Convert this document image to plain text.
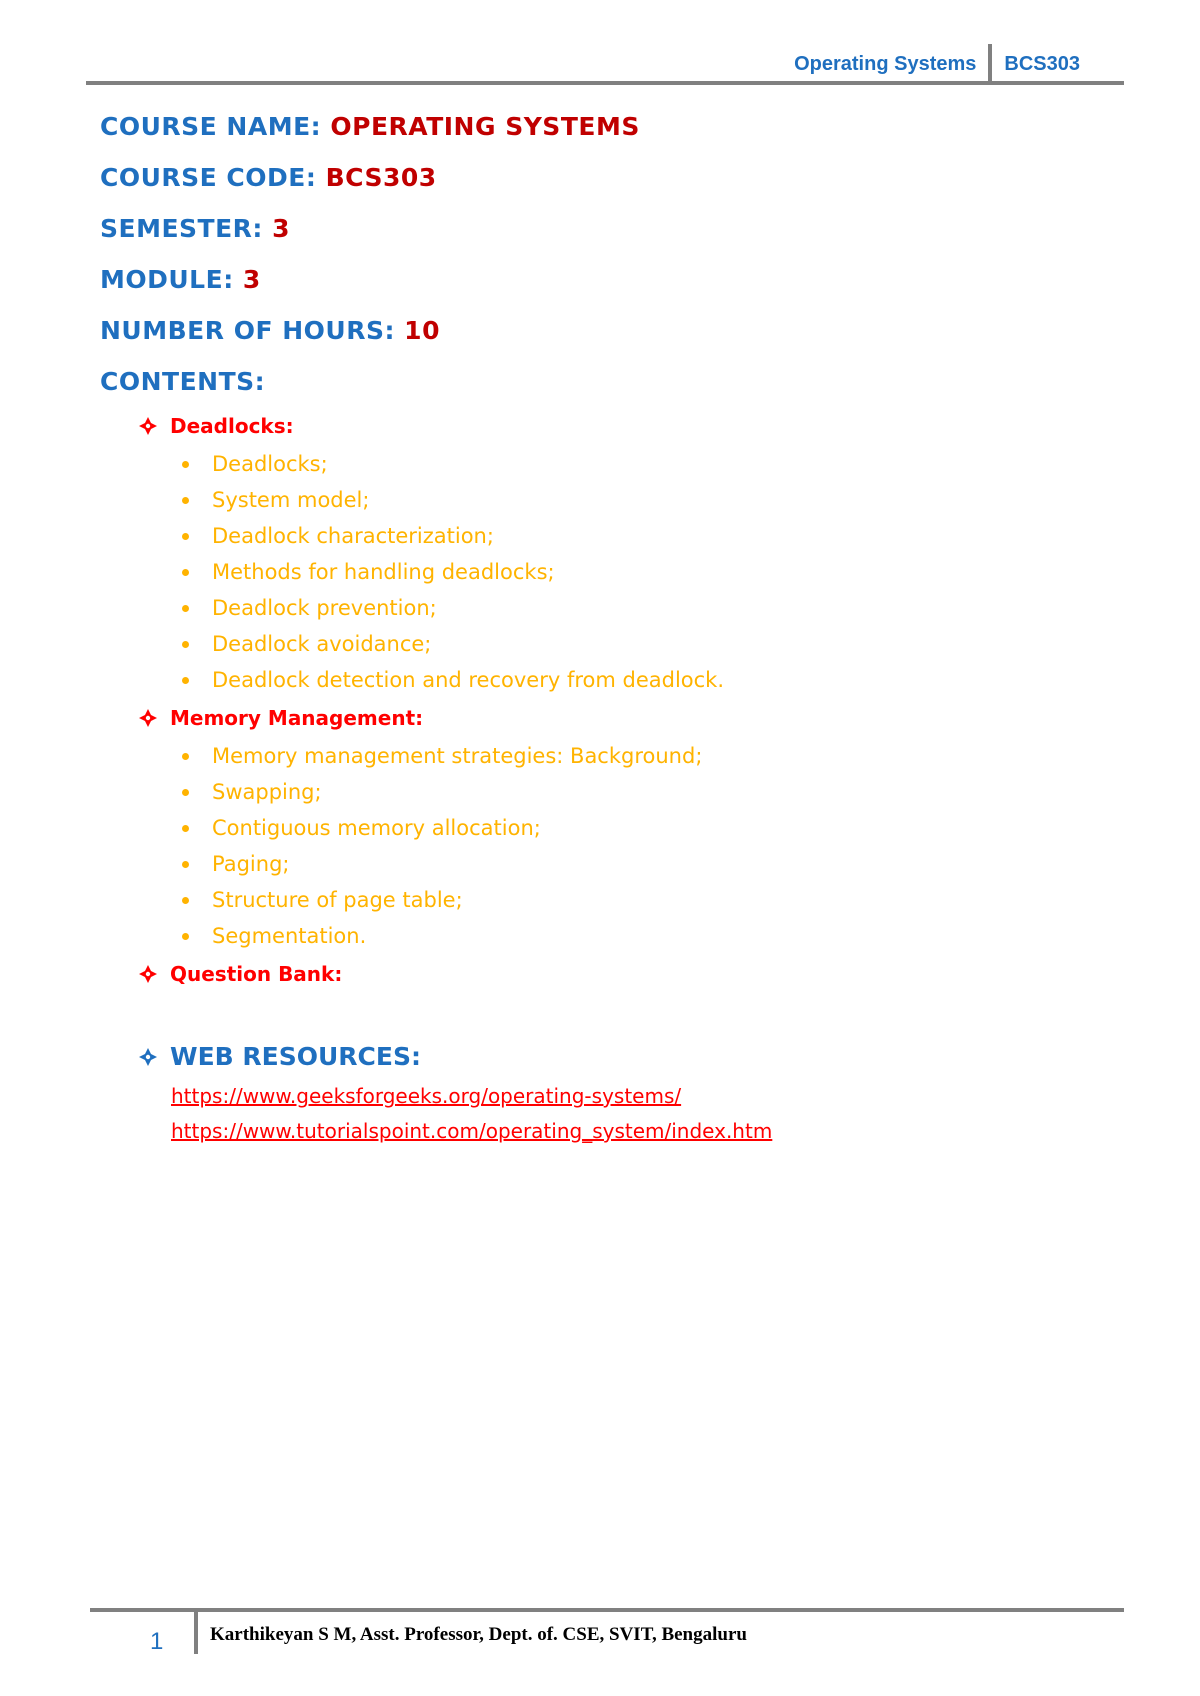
Operating Systems BCS303
COURSE NAME: OPERATING SYSTEMS
COURSE CODE: BCS303
SEMESTER: 3
MODULE: 3
NUMBER OF HOURS: 10
CONTENTS:
Deadlocks:
Deadlocks;
System model;
Deadlock characterization;
Methods for handling deadlocks;
Deadlock prevention;
Deadlock avoidance;
Deadlock detection and recovery from deadlock.
Memory Management:
Memory management strategies: Background;
Swapping;
Contiguous memory allocation;
Paging;
Structure of page table;
Segmentation.
Question Bank:
WEB RESOURCES:
https://www.geeksforgeeks.org/operating-systems/
https://www.tutorialspoint.com/operating_system/index.htm
1 Karthikeyan S M, Asst. Professor, Dept. of. CSE, SVIT, Bengaluru
